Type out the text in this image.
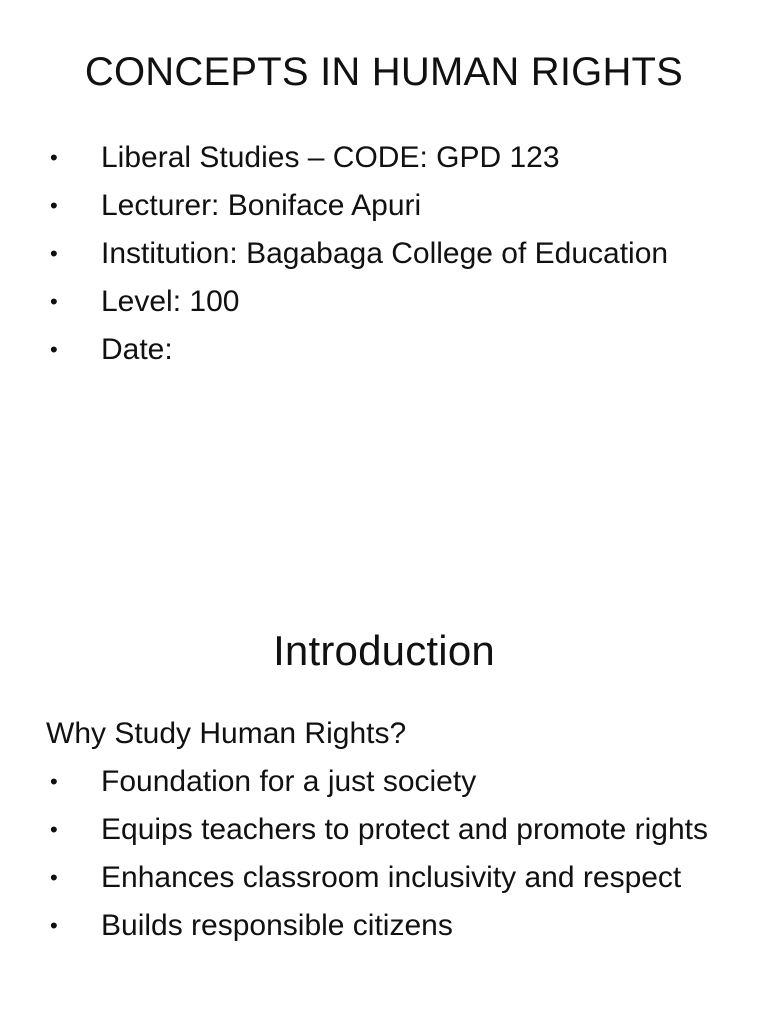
CONCEPTS IN HUMAN RIGHTS
•	Liberal Studies – CODE: GPD 123
•	Lecturer: Boniface Apuri
•	Institution: Bagabaga College of Education
•	Level: 100
•	Date:
Introduction

Why Study Human Rights?

•	Foundation for a just society
•	Equips teachers to protect and promote rights
•	Enhances classroom inclusivity and respect
•	Builds responsible citizens
